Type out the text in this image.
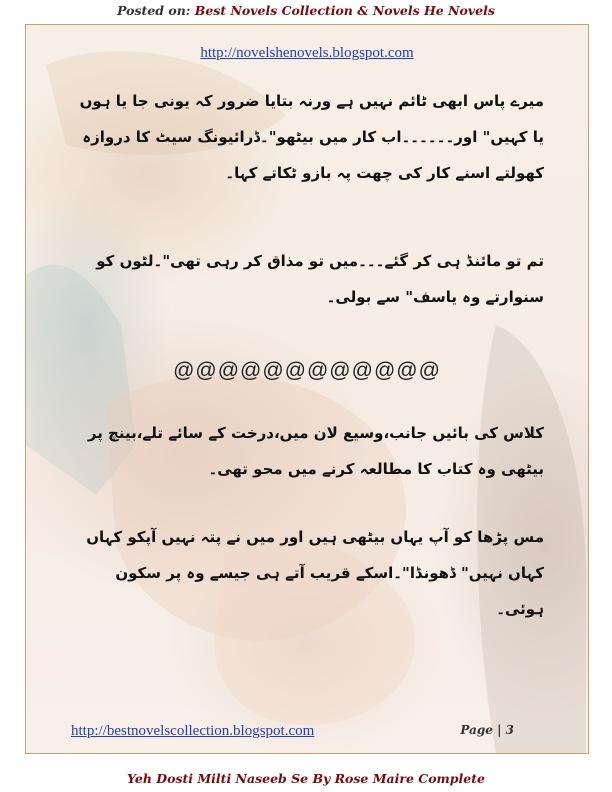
Posted on: Best Novels Collection & Novels He Novels
http://novelshenovels.blogspot.com
میرے پاس ابھی ٹائم نہیں ہے ورنہ بتایا ضرور کہ یونی جا یا ہوں یا کہیں" اور۔۔۔۔۔۔اب کار میں بیٹھو"۔ڈرائیونگ سیٹ کا دروازہ کھولتے اسنے کار کی چھت پہ بازو ٹکاتے کہا۔
تم تو مائنڈ ہی کر گئے۔۔۔میں تو مذاق کر رہی تھی"۔لٹوں کو سنوارتے وہ یاسف" سے بولی۔
@@@@@@@@@@@@
کلاس کی بائیں جانب،وسیع لان میں،درخت کے سائے تلے،بینچ پر بیٹھی وہ کتاب کا مطالعہ کرنے میں محو تھی۔
مس پڑھا کو آپ یہاں بیٹھی ہیں اور میں نے پتہ نہیں آپکو کہاں کہاں نہیں" ڈھونڈا"۔اسکے قریب آتے ہی جیسے وہ پر سکون ہوئی۔
http://bestnovelscollection.blogspot.com	Page | 3
Yeh Dosti Milti Naseeb Se By Rose Maire Complete
